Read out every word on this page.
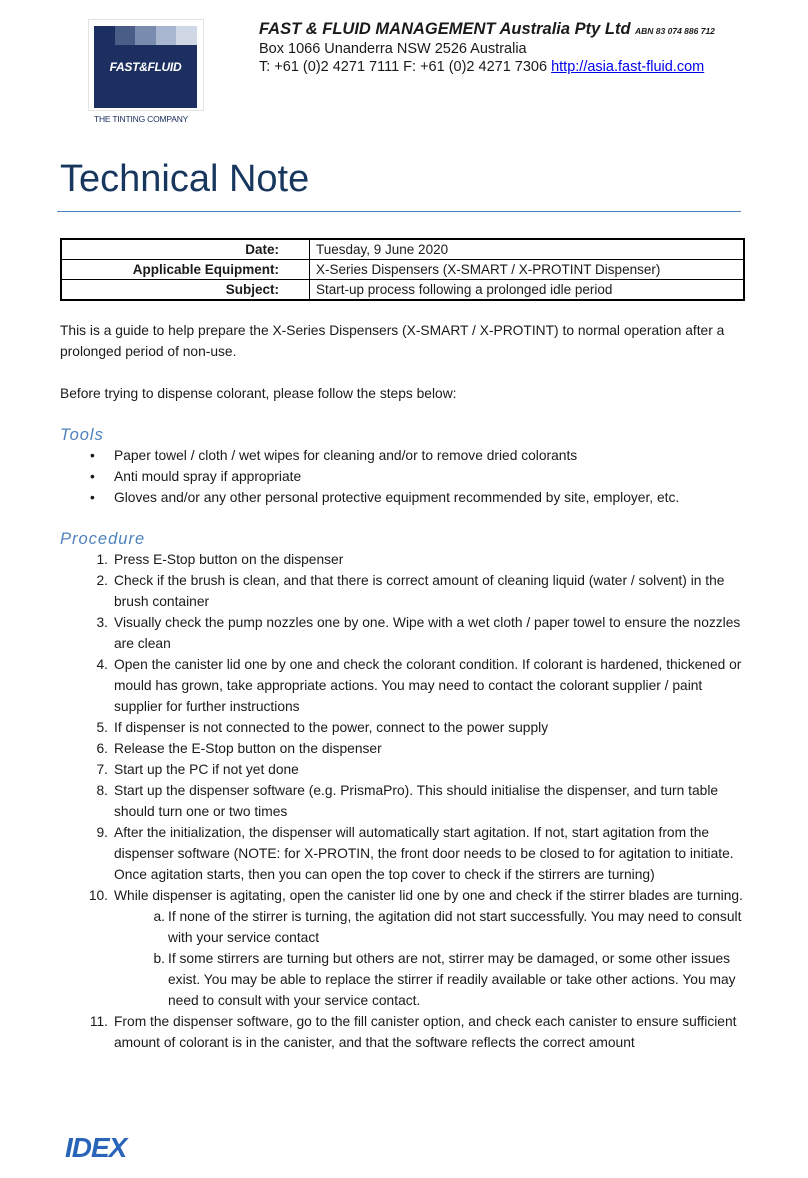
FAST&FLUID
THE TINTING COMPANY
FAST & FLUID MANAGEMENT Australia Pty Ltd ABN 83 074 886 712
Box 1066 Unanderra NSW 2526 Australia
T: +61 (0)2 4271 7111 F: +61 (0)2 4271 7306 http://asia.fast-fluid.com
Technical Note
Date:	Tuesday, 9 June 2020
Applicable Equipment:	X-Series Dispensers (X-SMART / X-PROTINT Dispenser)
Subject:	Start-up process following a prolonged idle period

This is a guide to help prepare the X-Series Dispensers (X-SMART / X-PROTINT) to normal operation after a prolonged period of non-use.

Before trying to dispense colorant, please follow the steps below:

Tools
• Paper towel / cloth / wet wipes for cleaning and/or to remove dried colorants
• Anti mould spray if appropriate
• Gloves and/or any other personal protective equipment recommended by site, employer, etc.
Procedure
1. Press E-Stop button on the dispenser
2. Check if the brush is clean, and that there is correct amount of cleaning liquid (water / solvent) in the brush container
3. Visually check the pump nozzles one by one. Wipe with a wet cloth / paper towel to ensure the nozzles are clean
4. Open the canister lid one by one and check the colorant condition. If colorant is hardened, thickened or mould has grown, take appropriate actions. You may need to contact the colorant supplier / paint supplier for further instructions
5. If dispenser is not connected to the power, connect to the power supply
6. Release the E-Stop button on the dispenser
7. Start up the PC if not yet done
8. Start up the dispenser software (e.g. PrismaPro). This should initialise the dispenser, and turn table should turn one or two times
9. After the initialization, the dispenser will automatically start agitation. If not, start agitation from the dispenser software (NOTE: for X-PROTIN, the front door needs to be closed to for agitation to initiate. Once agitation starts, then you can open the top cover to check if the stirrers are turning)
10. While dispenser is agitating, open the canister lid one by one and check if the stirrer blades are turning.
a. If none of the stirrer is turning, the agitation did not start successfully. You may need to consult with your service contact
b. If some stirrers are turning but others are not, stirrer may be damaged, or some other issues exist. You may be able to replace the stirrer if readily available or take other actions. You may need to consult with your service contact.
11. From the dispenser software, go to the fill canister option, and check each canister to ensure sufficient amount of colorant is in the canister, and that the software reflects the correct amount
IDEX
